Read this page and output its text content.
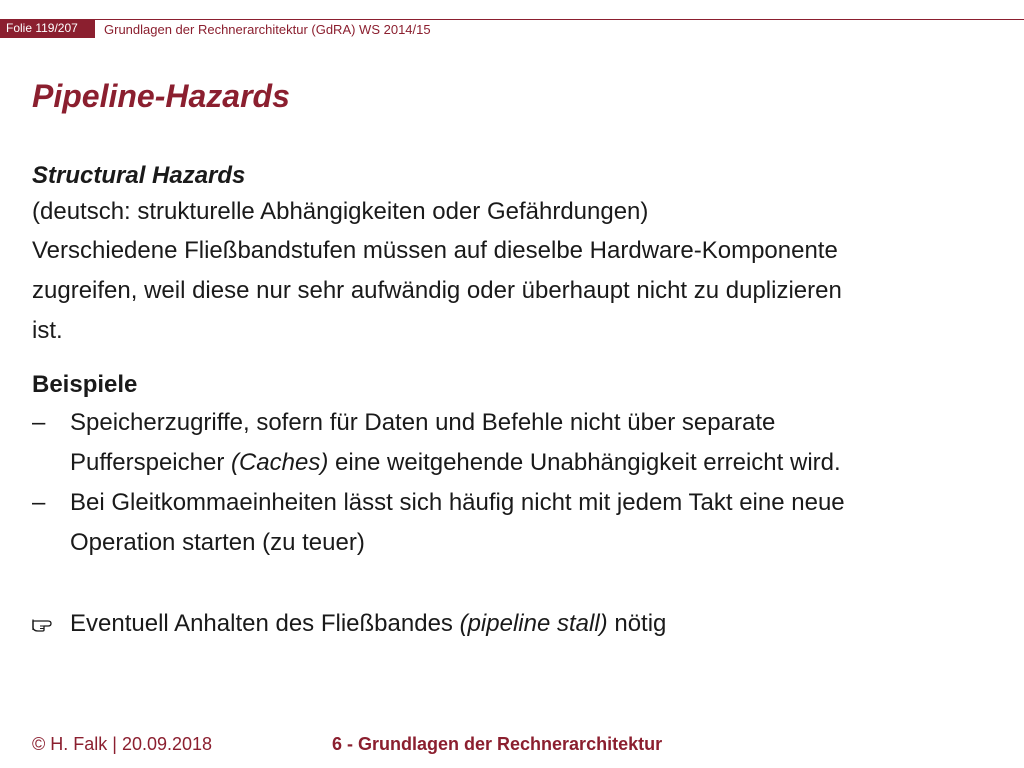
Folie 119/207	Grundlagen der Rechnerarchitektur (GdRA) WS 2014/15
Pipeline-Hazards
Structural Hazards
(deutsch: strukturelle Abhängigkeiten oder Gefährdungen)
Verschiedene Fließbandstufen müssen auf dieselbe Hardware-Komponente
zugreifen, weil diese nur sehr aufwändig oder überhaupt nicht zu duplizieren
ist.
Beispiele
–	Speicherzugriffe, sofern für Daten und Befehle nicht über separate
Pufferspeicher (Caches) eine weitgehende Unabhängigkeit erreicht wird.
–	Bei Gleitkommaeinheiten lässt sich häufig nicht mit jedem Takt eine neue
Operation starten (zu teuer)
Eventuell Anhalten des Fließbandes (pipeline stall) nötig
© H. Falk | 20.09.2018	6 - Grundlagen der Rechnerarchitektur
